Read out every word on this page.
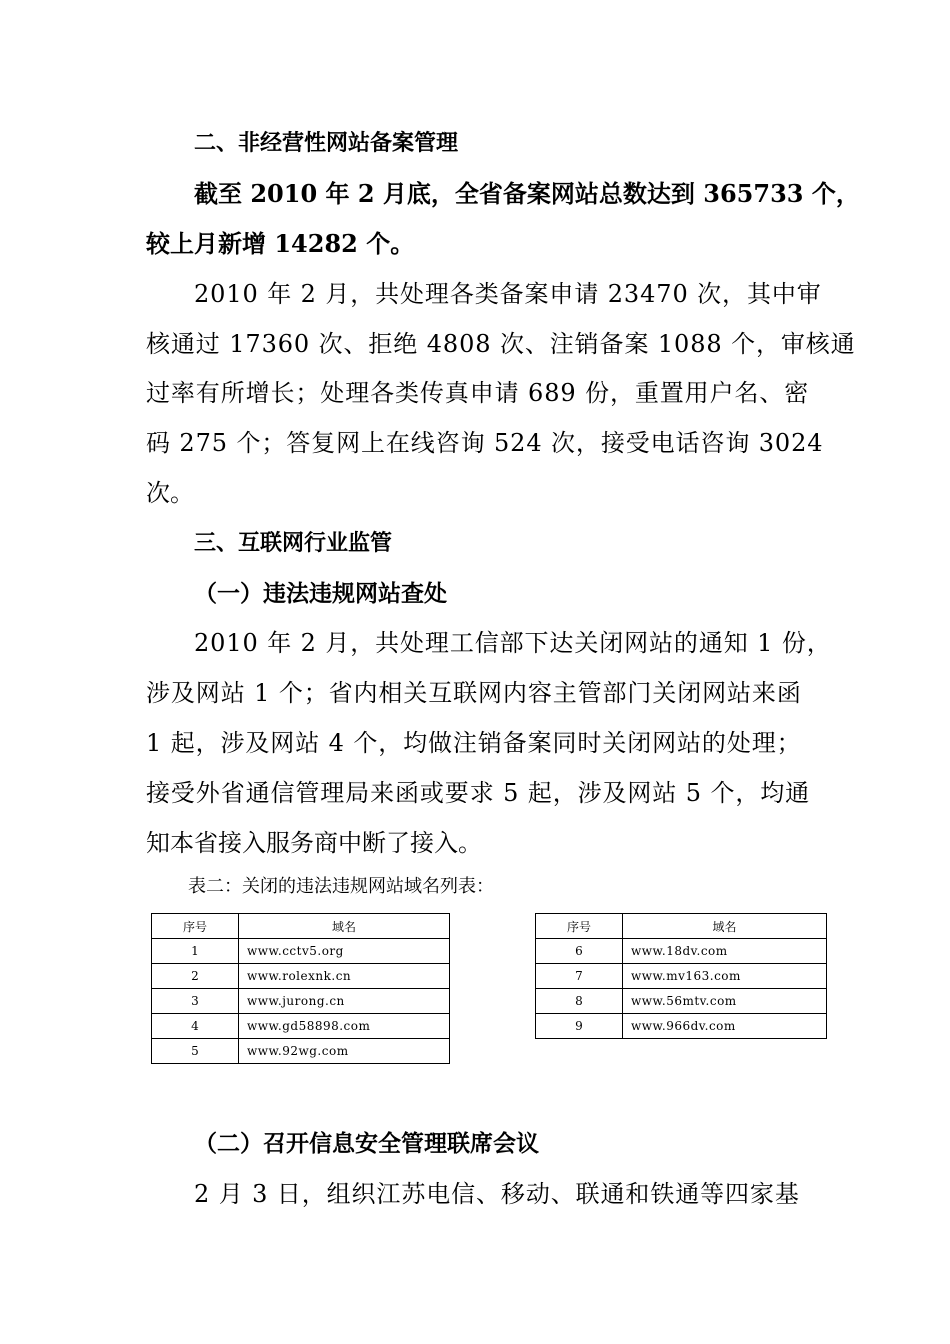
二、非经营性网站备案管理
截至 2010 年 2 月底，全省备案网站总数达到 365733 个，
较上月新增 14282 个。
2010 年 2 月，共处理各类备案申请 23470 次，其中审
核通过 17360 次、拒绝 4808 次、注销备案 1088 个，审核通
过率有所增长；处理各类传真申请 689 份，重置用户名、密
码 275 个；答复网上在线咨询 524 次，接受电话咨询 3024
次。
三、互联网行业监管
（一）违法违规网站查处
2010 年 2 月，共处理工信部下达关闭网站的通知 1 份，
涉及网站 1 个；省内相关互联网内容主管部门关闭网站来函
1 起，涉及网站 4 个，均做注销备案同时关闭网站的处理；
接受外省通信管理局来函或要求 5 起，涉及网站 5 个，均通
知本省接入服务商中断了接入。
表二：关闭的违法违规网站域名列表：
序号	域名
1	www.cctv5.org
2	www.rolexnk.cn
3	www.jurong.cn
4	www.gd58898.com
5	www.92wg.com
序号	域名
6	www.18dv.com
7	www.mv163.com
8	www.56mtv.com
9	www.966dv.com
（二）召开信息安全管理联席会议
2 月 3 日，组织江苏电信、移动、联通和铁通等四家基
